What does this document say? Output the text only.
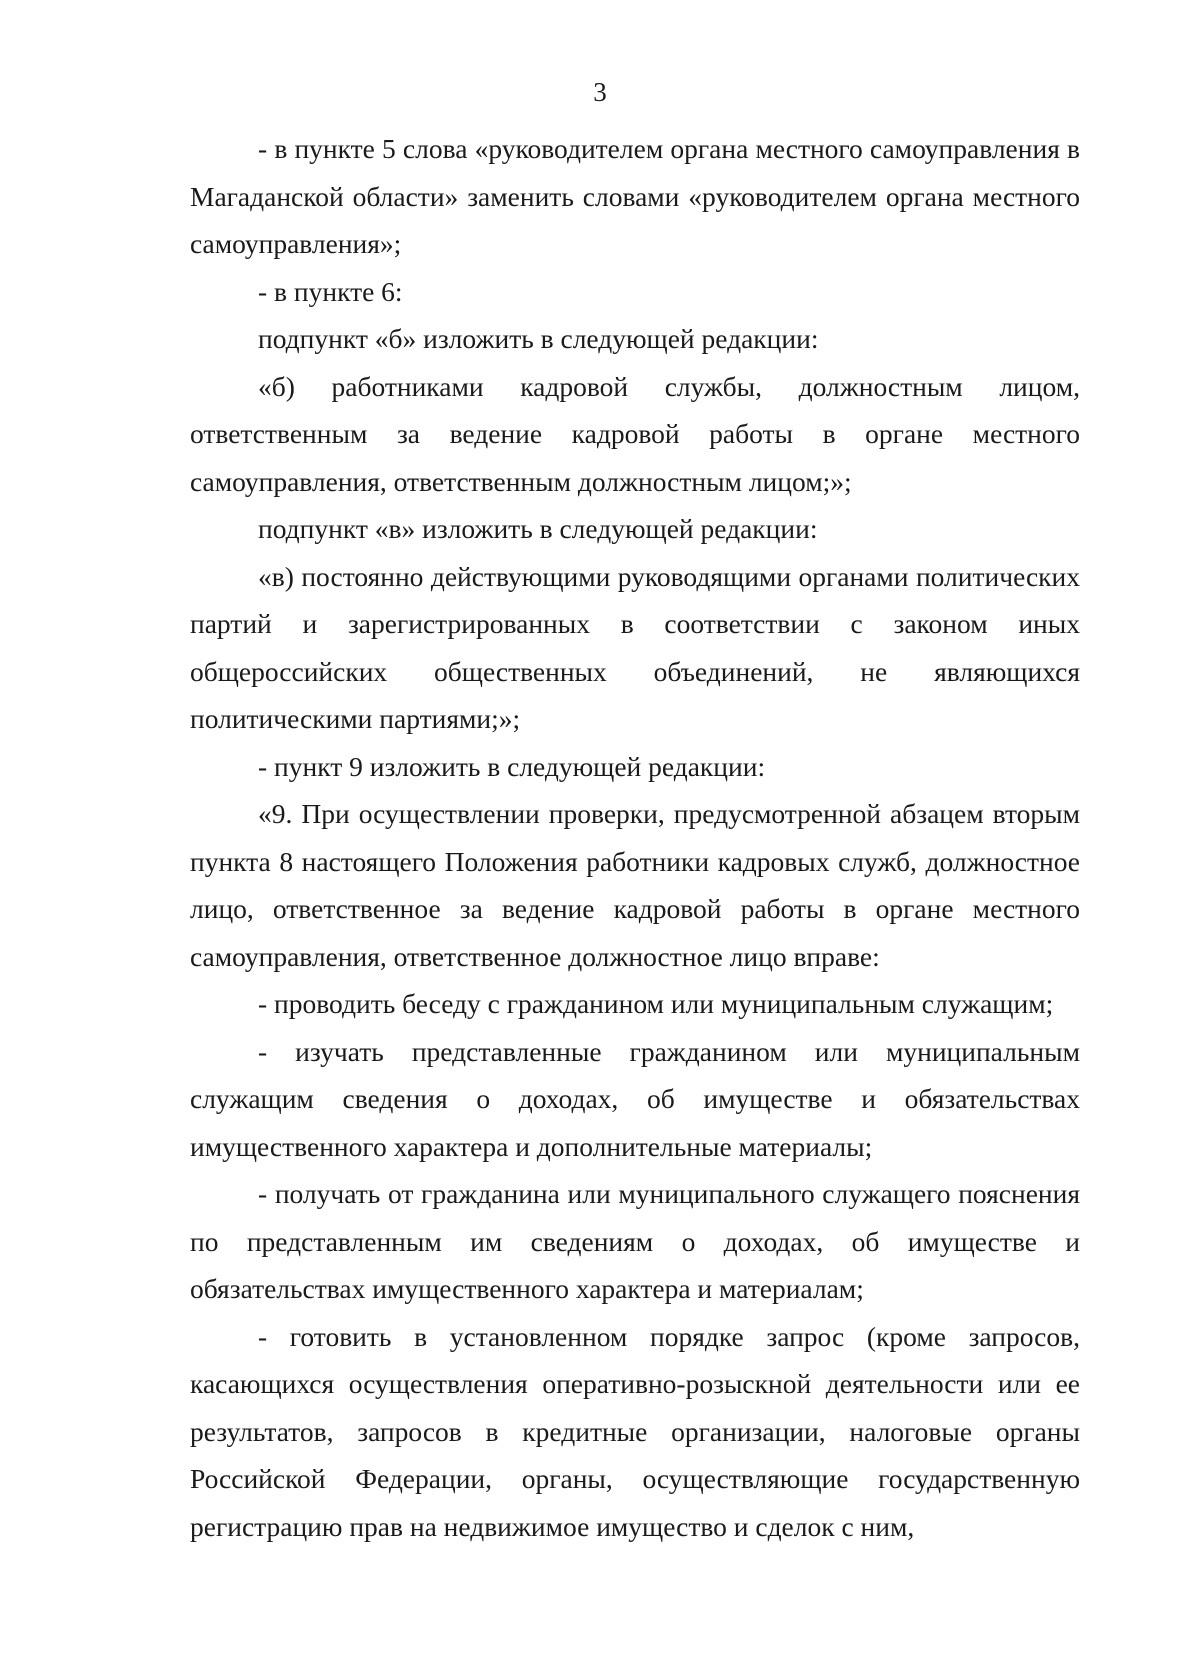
3

- в пункте 5 слова «руководителем органа местного самоуправления в Магаданской области» заменить словами «руководителем органа местного самоуправления»;

- в пункте 6:

подпункт «б» изложить в следующей редакции:

«б) работниками кадровой службы, должностным лицом, ответственным за ведение кадровой работы в органе местного самоуправления, ответственным должностным лицом;»;

подпункт «в» изложить в следующей редакции:

«в) постоянно действующими руководящими органами политических партий и зарегистрированных в соответствии с законом иных общероссийских общественных объединений, не являющихся политическими партиями;»;

- пункт 9 изложить в следующей редакции:

«9. При осуществлении проверки, предусмотренной абзацем вторым пункта 8 настоящего Положения работники кадровых служб, должностное лицо, ответственное за ведение кадровой работы в органе местного самоуправления, ответственное должностное лицо вправе:

- проводить беседу с гражданином или муниципальным служащим;

- изучать представленные гражданином или муниципальным служащим сведения о доходах, об имуществе и обязательствах имущественного характера и дополнительные материалы;

- получать от гражданина или муниципального служащего пояснения по представленным им сведениям о доходах, об имуществе и обязательствах имущественного характера и материалам;

- готовить в установленном порядке запрос (кроме запросов, касающихся осуществления оперативно-розыскной деятельности или ее результатов, запросов в кредитные организации, налоговые органы Российской Федерации, органы, осуществляющие государственную регистрацию прав на недвижимое имущество и сделок с ним,
